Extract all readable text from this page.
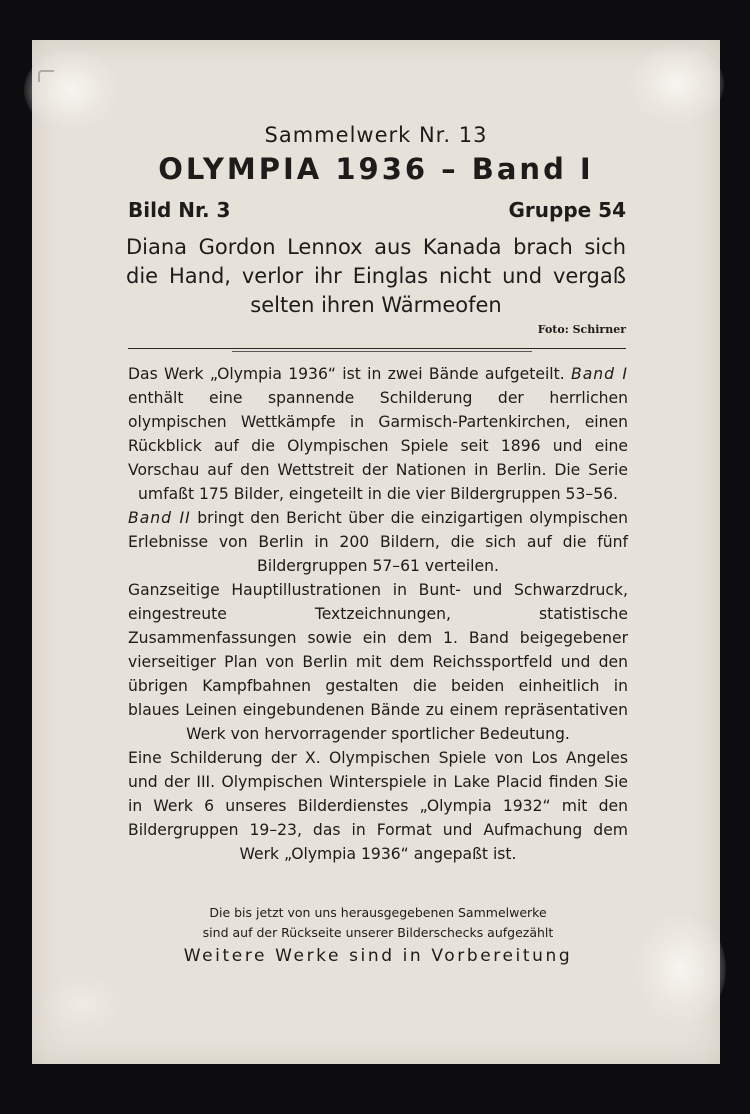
Sammelwerk Nr. 13
OLYMPIA 1936 – Band I
Bild Nr. 3	Gruppe 54
Diana Gordon Lennox aus Kanada brach sich die Hand, verlor ihr Einglas nicht und vergaß selten ihren Wärmeofen
Foto: Schirner

Das Werk „Olympia 1936“ ist in zwei Bände aufgeteilt. Band I enthält eine spannende Schilderung der herrlichen olympischen Wettkämpfe in Garmisch-Partenkirchen, einen Rückblick auf die Olympischen Spiele seit 1896 und eine Vorschau auf den Wettstreit der Nationen in Berlin. Die Serie umfaßt 175 Bilder, eingeteilt in die vier Bildergruppen 53–56.

Band II bringt den Bericht über die einzigartigen olympischen Erlebnisse von Berlin in 200 Bildern, die sich auf die fünf Bildergruppen 57–61 verteilen.

Ganzseitige Hauptillustrationen in Bunt- und Schwarzdruck, eingestreute Textzeichnungen, statistische Zusammenfassungen sowie ein dem 1. Band beigegebener vierseitiger Plan von Berlin mit dem Reichssportfeld und den übrigen Kampfbahnen gestalten die beiden einheitlich in blaues Leinen eingebundenen Bände zu einem repräsentativen Werk von hervorragender sportlicher Bedeutung.

Eine Schilderung der X. Olympischen Spiele von Los Angeles und der III. Olympischen Winterspiele in Lake Placid finden Sie in Werk 6 unseres Bilderdienstes „Olympia 1932“ mit den Bildergruppen 19–23, das in Format und Aufmachung dem Werk „Olympia 1936“ angepaßt ist.

Die bis jetzt von uns herausgegebenen Sammelwerke
sind auf der Rückseite unserer Bilderschecks aufgezählt
Weitere Werke sind in Vorbereitung
